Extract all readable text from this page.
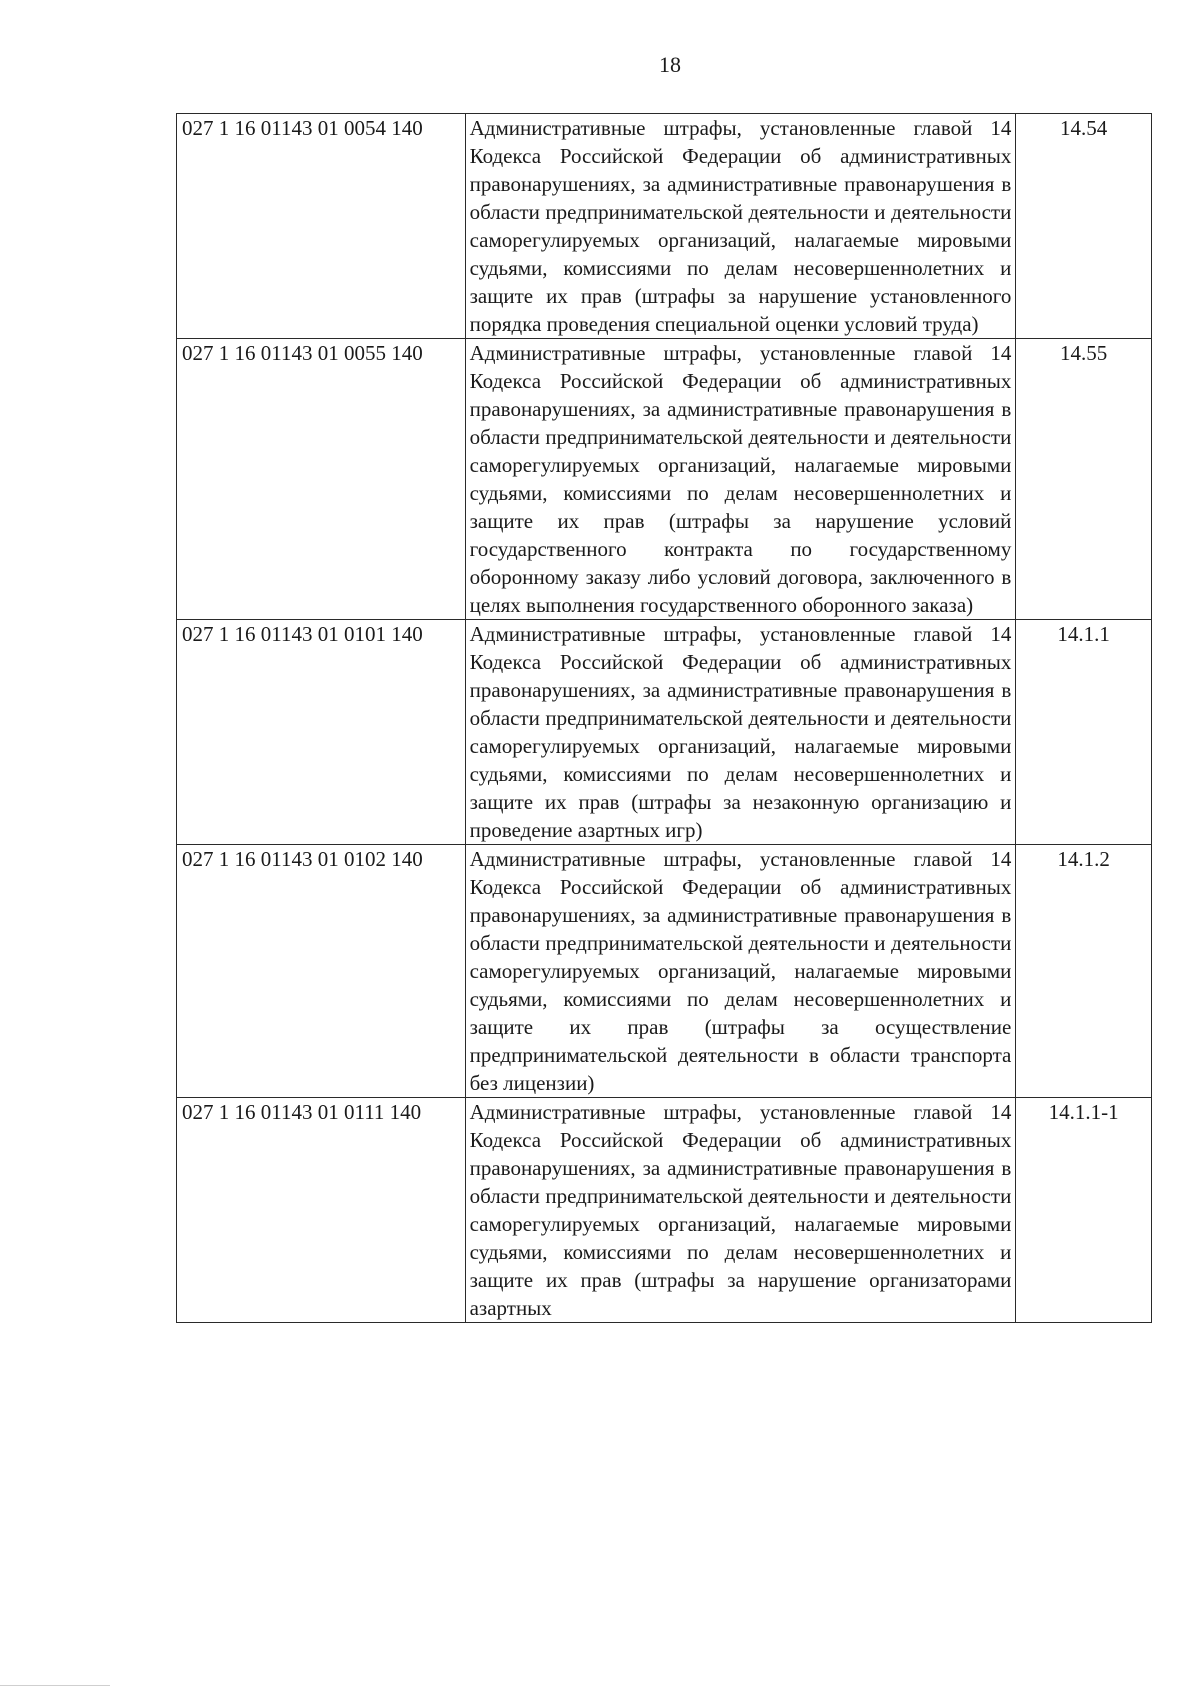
18
027 1 16 01143 01 0054 140	Административные штрафы, установленные главой 14 Кодекса Российской Федерации об административных правонарушениях, за административные правонарушения в области предпринимательской деятельности и деятельности саморегулируемых организаций, налагаемые мировыми судьями, комиссиями по делам несовершеннолетних и защите их прав (штрафы за нарушение установленного порядка проведения специальной оценки условий труда)	14.54
027 1 16 01143 01 0055 140	Административные штрафы, установленные главой 14 Кодекса Российской Федерации об административных правонарушениях, за административные правонарушения в области предпринимательской деятельности и деятельности саморегулируемых организаций, налагаемые мировыми судьями, комиссиями по делам несовершеннолетних и защите их прав (штрафы за нарушение условий государственного контракта по государственному оборонному заказу либо условий договора, заключенного в целях выполнения государственного оборонного заказа)	14.55
027 1 16 01143 01 0101 140	Административные штрафы, установленные главой 14 Кодекса Российской Федерации об административных правонарушениях, за административные правонарушения в области предпринимательской деятельности и деятельности саморегулируемых организаций, налагаемые мировыми судьями, комиссиями по делам несовершеннолетних и защите их прав (штрафы за незаконную организацию и проведение азартных игр)	14.1.1
027 1 16 01143 01 0102 140	Административные штрафы, установленные главой 14 Кодекса Российской Федерации об административных правонарушениях, за административные правонарушения в области предпринимательской деятельности и деятельности саморегулируемых организаций, налагаемые мировыми судьями, комиссиями по делам несовершеннолетних и защите их прав (штрафы за осуществление предпринимательской деятельности в области транспорта без лицензии)	14.1.2
027 1 16 01143 01 0111 140	Административные штрафы, установленные главой 14 Кодекса Российской Федерации об административных правонарушениях, за административные правонарушения в области предпринимательской деятельности и деятельности саморегулируемых организаций, налагаемые мировыми судьями, комиссиями по делам несовершеннолетних и защите их прав (штрафы за нарушение организаторами азартных	14.1.1-1
